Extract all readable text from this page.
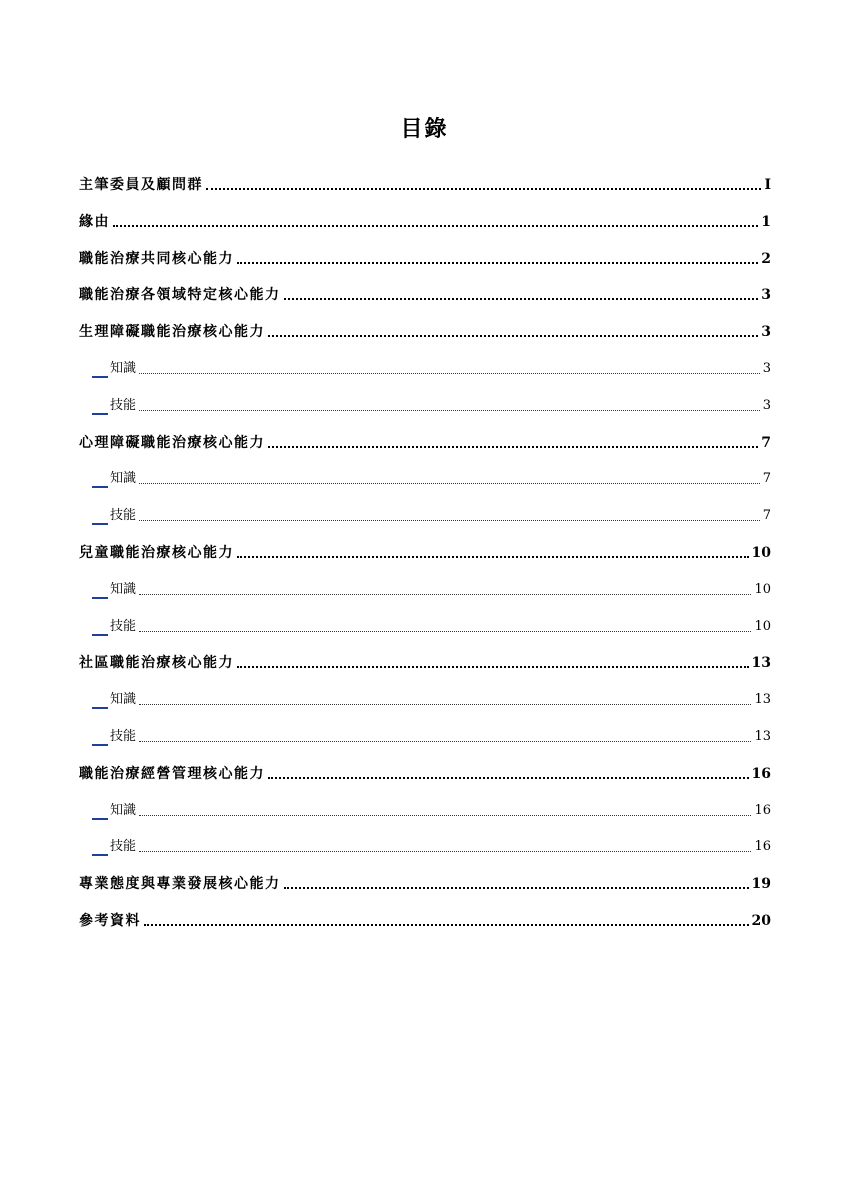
目錄
主筆委員及顧問群	I
緣由	1
職能治療共同核心能力	2
職能治療各領域特定核心能力	3
生理障礙職能治療核心能力	3
知識	3
技能	3
心理障礙職能治療核心能力	7
知識	7
技能	7
兒童職能治療核心能力	10
知識	10
技能	10
社區職能治療核心能力	13
知識	13
技能	13
職能治療經營管理核心能力	16
知識	16
技能	16
專業態度與專業發展核心能力	19
參考資料	20
